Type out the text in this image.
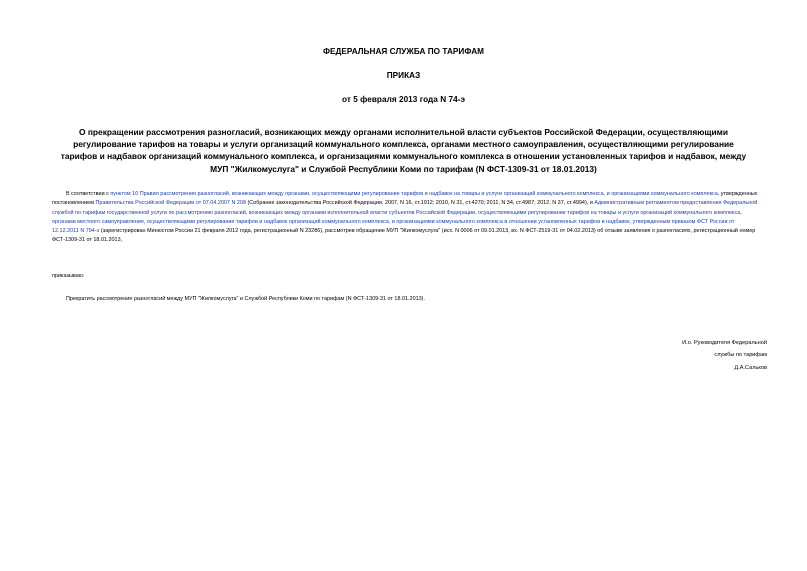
ФЕДЕРАЛЬНАЯ СЛУЖБА ПО ТАРИФАМ
ПРИКАЗ
от 5 февраля 2013 года N 74-э
О прекращении рассмотрения разногласий, возникающих между органами исполнительной власти субъектов Российской Федерации, осуществляющими
регулирование тарифов на товары и услуги организаций коммунального комплекса, органами местного самоуправления, осуществляющими регулирование
тарифов и надбавок организаций коммунального комплекса, и организациями коммунального комплекса в отношении установленных тарифов и надбавок, между
МУП "Жилкомуслуга" и Службой Республики Коми по тарифам (N ФСТ-1309-31 от 18.01.2013)
В соответствии с пунктом 10 Правил рассмотрения разногласий, возникающих между органами, осуществляющими регулирование тарифов и надбавок на товары и услуги организаций коммунального комплекса, и организациями коммунального комплекса, утвержденных постановлением Правительства Российской Федерации от 07.04.2007 N 208 (Собрание законодательства Российской Федерации, 2007, N 16, ст.1912; 2010, N 31, ст.4270; 2011, N 34, ст.4987; 2012, N 37, ст.4994), и Административным регламентом предоставления Федеральной службой по тарифам государственной услуги по рассмотрению разногласий, возникающих между органами исполнительной власти субъектов Российской Федерации, осуществляющими регулирование тарифов на товары и услуги организаций коммунального комплекса, органами местного самоуправления, осуществляющими регулирование тарифов и надбавок организаций коммунального комплекса, и организациями коммунального комплекса в отношении установленных тарифов и надбавок, утвержденным приказом ФСТ России от 12.12.2011 N 794-э (зарегистрирован Минюстом России 21 февраля 2012 года, регистрационный N 23286), рассмотрев обращение МУП "Жилкомуслуга" (исх. N 0006 от 09.01.2013, вх. N ФСТ-2519-31 от 04.02.2013) об отзыве заявления о разногласиях, регистрационный номер ФСТ-1309-31 от 18.01.2013,
приказываю:
Прекратить рассмотрение разногласий между МУП "Жилкомуслуга" и Службой Республики Коми по тарифам (N ФСТ-1309-31 от 18.01.2013).
И.о. Руководителя Федеральной
службы по тарифам
Д.А.Сальков
